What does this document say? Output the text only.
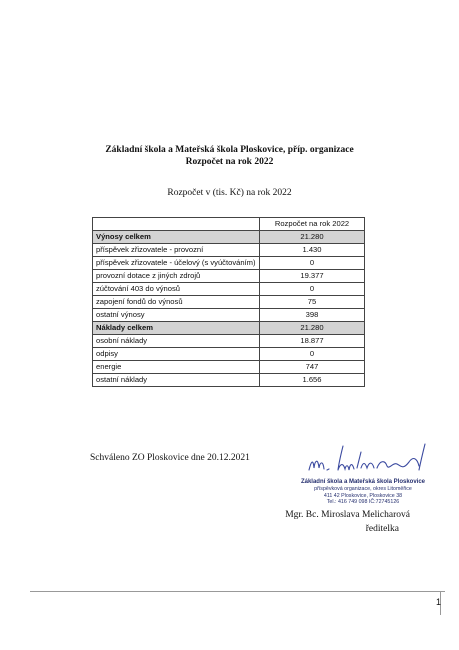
Základní škola a Mateřská škola Ploskovice, příp. organizace
Rozpočet na rok 2022
Rozpočet v (tis. Kč) na rok 2022
	Rozpočet na rok 2022
Výnosy celkem	21.280
příspěvek zřizovatele - provozní	1.430
příspěvek zřizovatele - účelový (s vyúčtováním)	0
provozní dotace z jiných zdrojů	19.377
zúčtování 403 do výnosů	0
zapojení fondů do výnosů	75
ostatní výnosy	398
Náklady celkem	21.280
osobní náklady	18.877
odpisy	0
energie	747
ostatní náklady	1.656
Schváleno ZO Ploskovice dne 20.12.2021
Základní škola a Mateřská škola Ploskovice
příspěvková organizace, okres Litoměřice
411 42 Ploskovice, Ploskovice 38
Tel.: 416 749 098 IČ:72745126
Mgr. Bc. Miroslava Melicharová
ředitelka
1
